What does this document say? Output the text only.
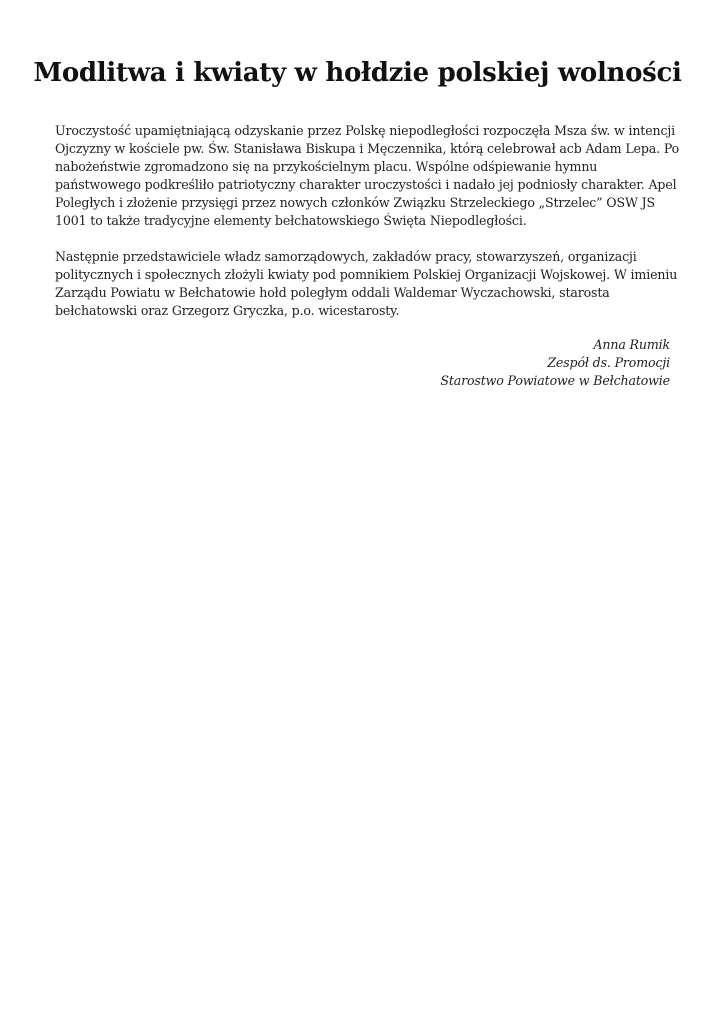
Modlitwa i kwiaty w hołdzie polskiej wolności

Uroczystość upamiętniającą odzyskanie przez Polskę niepodległości rozpoczęła Msza św. w intencji
Ojczyzny w kościele pw. Św. Stanisława Biskupa i Męczennika, którą celebrował acb Adam Lepa. Po
nabożeństwie zgromadzono się na przykościelnym placu. Wspólne odśpiewanie hymnu
państwowego podkreśliło patriotyczny charakter uroczystości i nadało jej podniosły charakter. Apel
Poległych i złożenie przysięgi przez nowych członków Związku Strzeleckiego „Strzelec” OSW JS
1001 to także tradycyjne elementy bełchatowskiego Święta Niepodległości.

Następnie przedstawiciele władz samorządowych, zakładów pracy, stowarzyszeń, organizacji
politycznych i społecznych złożyli kwiaty pod pomnikiem Polskiej Organizacji Wojskowej. W imieniu
Zarządu Powiatu w Bełchatowie hołd poległym oddali Waldemar Wyczachowski, starosta
bełchatowski oraz Grzegorz Gryczka, p.o. wicestarosty.

Anna Rumik
Zespół ds. Promocji
Starostwo Powiatowe w Bełchatowie
